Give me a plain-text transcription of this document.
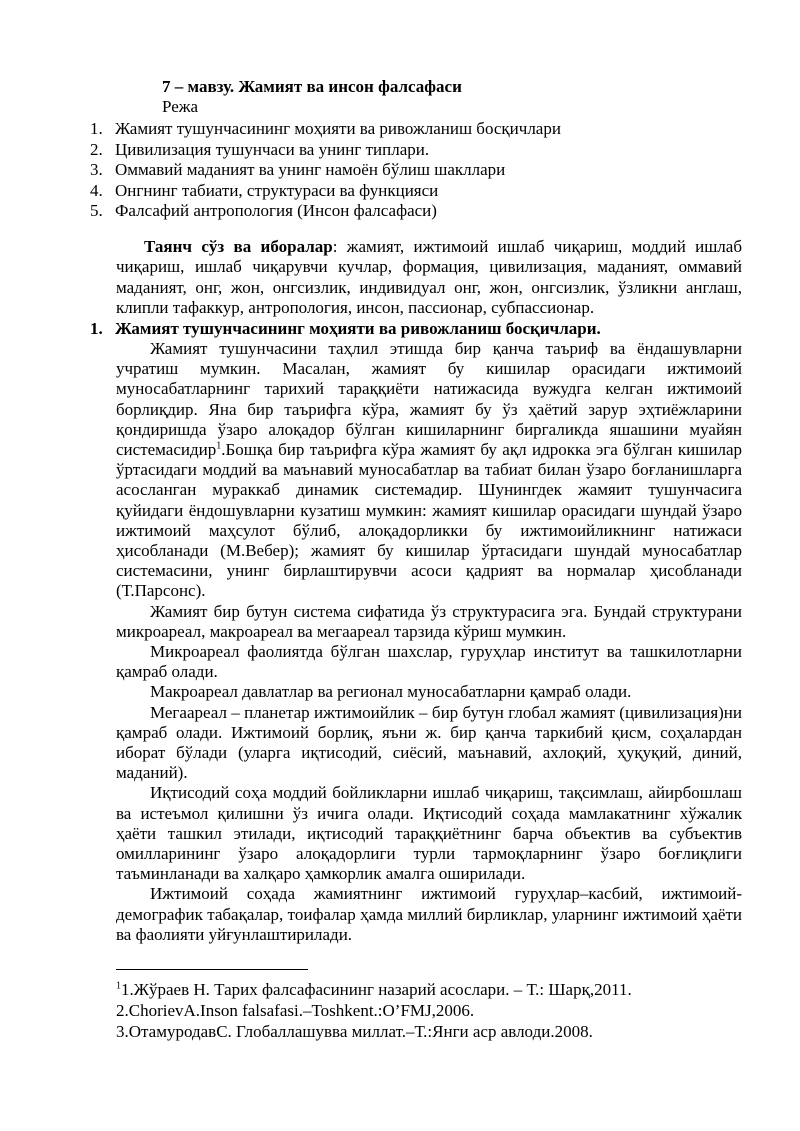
7 – мавзу. Жамият ва инсон фалсафаси

Режа

1. Жамият тушунчасининг моҳияти ва ривожланиш босқичлари
2. Цивилизация тушунчаси ва унинг типлари.
3. Оммавий маданият ва унинг намоён бўлиш шакллари
4. Онгнинг табиати, структураси ва функцияси
5. Фалсафий антропология (Инсон фалсафаси)

Таянч сўз ва иборалар: жамият, ижтимоий ишлаб чиқариш, моддий ишлаб чиқариш, ишлаб чиқарувчи кучлар, формация, цивилизация, маданият, оммавий маданият, онг, жон, онгсизлик, индивидуал онг, жон, онгсизлик, ўзликни англаш, клипли тафаккур, антропология, инсон, пассионар, субпассионар.

1. Жамият тушунчасининг моҳияти ва ривожланиш босқичлари.

Жамият тушунчасини таҳлил этишда бир қанча таъриф ва ёндашувларни учратиш мумкин. Масалан, жамият бу кишилар орасидаги ижтимоий муносабатларнинг тарихий тараққиёти натижасида вужудга келган ижтимоий борлиқдир. Яна бир таърифга кўра, жамият бу ўз ҳаётий зарур эҳтиёжларини қондиришда ўзаро алоқадор бўлган кишиларнинг биргаликда яшашини муайян системасидир$^1$.Бошқа бир таърифга кўра жамият бу ақл идрокка эга бўлган кишилар ўртасидаги моддий ва маънавий муносабатлар ва табиат билан ўзаро боғланишларга асосланган мураккаб динамик системадир. Шунингдек жамяит тушунчасига қуйидаги ёндошувларни кузатиш мумкин: жамият кишилар орасидаги шундай ўзаро ижтимоий маҳсулот бўлиб, алоқадорликки бу ижтимоийликнинг натижаси ҳисобланади (М.Вебер); жамият бу кишилар ўртасидаги шундай муносабатлар системасини, унинг бирлаштирувчи асоси қадрият ва нормалар ҳисобланади (Т.Парсонс).

Жамият бир бутун система сифатида ўз структурасига эга. Бундай структурани микроареал, макроареал ва мегаареал тарзида кўриш мумкин.

Микроареал фаолиятда бўлган шахслар, гуруҳлар институт ва ташкилотларни қамраб олади.

Макроареал давлатлар ва регионал муносабатларни қамраб олади.

Мегаареал – планетар ижтимоийлик – бир бутун глобал жамият (цивилизация)ни қамраб олади. Ижтимоий борлиқ, яъни ж. бир қанча таркибий қисм, соҳалардан иборат бўлади (уларга иқтисодий, сиёсий, маънавий, ахлоқий, ҳуқуқий, диний, маданий).

Иқтисодий соҳа моддий бойликларни ишлаб чиқариш, тақсимлаш, айирбошлаш ва истеъмол қилишни ўз ичига олади. Иқтисодий соҳада мамлакатнинг хўжалик ҳаёти ташкил этилади, иқтисодий тараққиётнинг барча объектив ва субъектив омилларининг ўзаро алоқадорлиги турли тармоқларнинг ўзаро боғлиқлиги таъминланади ва халқаро ҳамкорлик амалга оширилади.

Ижтимоий соҳада жамиятнинг ижтимоий гуруҳлар–касбий, ижтимоий-демографик табақалар, тоифалар ҳамда миллий бирликлар, уларнинг ижтимоий ҳаёти ва фаолияти уйғунлаштирилади.

$^1$1.Жўраев Н. Тарих фалсафасининг назарий асослари. – Т.: Шарқ,2011.
2.ChorievA.Inson falsafasi.–Toshkent.:O’FMJ,2006.
3.ОтамуродавС. Глобаллашувва миллат.–Т.:Янги аср авлоди.2008.
